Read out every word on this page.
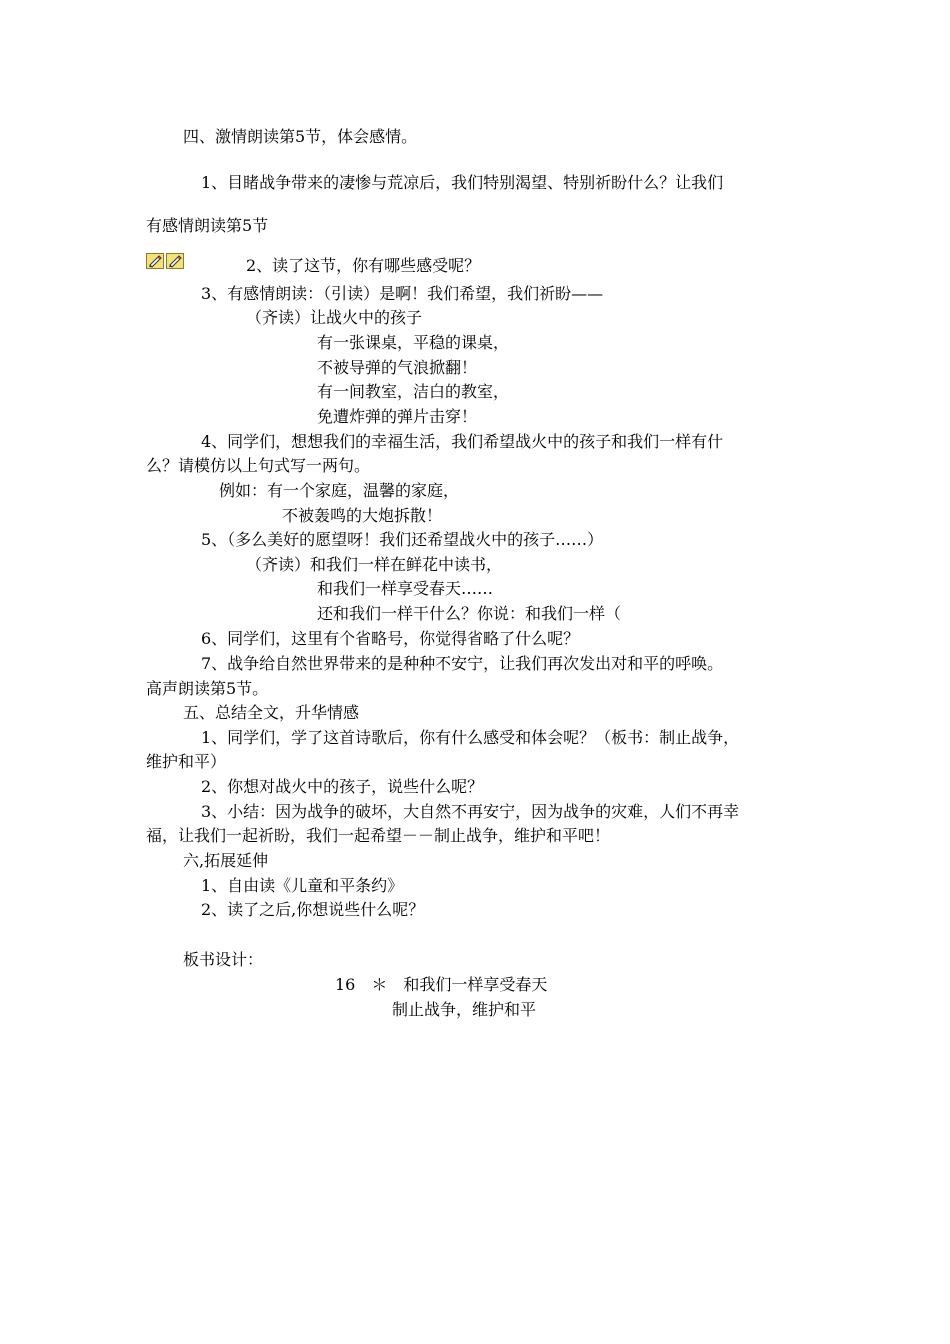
四、激情朗读第5节，体会感情。
1、目睹战争带来的凄惨与荒凉后，我们特别渴望、特别祈盼什么？让我们
有感情朗读第5节
2、读了这节，你有哪些感受呢？
3、有感情朗读：（引读）是啊！我们希望，我们祈盼——
（齐读）让战火中的孩子
有一张课桌，平稳的课桌，
不被导弹的气浪掀翻！
有一间教室，洁白的教室，
免遭炸弹的弹片击穿！
4、同学们，想想我们的幸福生活，我们希望战火中的孩子和我们一样有什
么？请模仿以上句式写一两句。
例如：有一个家庭，温馨的家庭，
不被轰鸣的大炮拆散！
5、（多么美好的愿望呀！我们还希望战火中的孩子……）
（齐读）和我们一样在鲜花中读书，
和我们一样享受春天……
还和我们一样干什么？你说：和我们一样（
6、同学们，这里有个省略号，你觉得省略了什么呢？
7、战争给自然世界带来的是种种不安宁，让我们再次发出对和平的呼唤。
高声朗读第5节。
五、总结全文，升华情感
1、同学们，学了这首诗歌后，你有什么感受和体会呢？（板书：制止战争，
维护和平）
2、你想对战火中的孩子，说些什么呢？
3、小结：因为战争的破坏，大自然不再安宁，因为战争的灾难，人们不再幸
福，让我们一起祈盼，我们一起希望－－制止战争，维护和平吧！
六,拓展延伸
1、自由读《儿童和平条约》
2、读了之后,你想说些什么呢？
板书设计：
16　＊　和我们一样享受春天
制止战争，维护和平
